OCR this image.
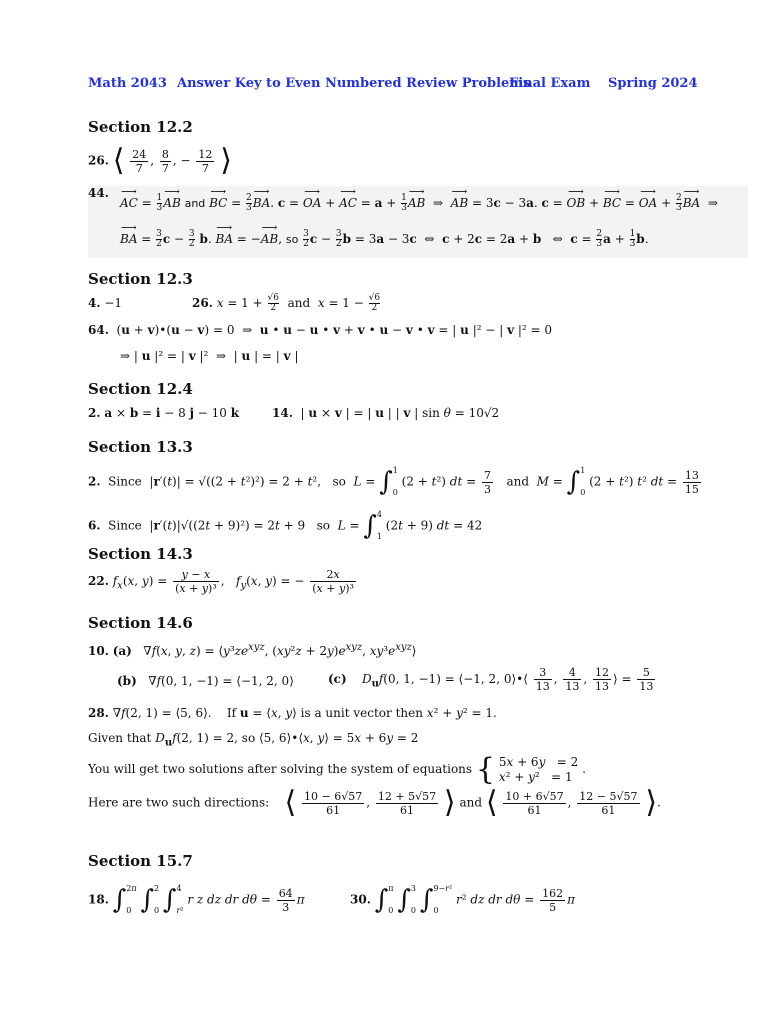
Math 2043 Answer Key to Even Numbered Review Problems
Final Exam Spring 2024
Section 12.2
26. ⟨ $\frac{24}{7}$ , $\frac{8}{7}$ , − $\frac{12}{7}$ ⟩
44.
⟶ AC = $\frac{1}{3}$ ⟶ AB and ⟶ BC = $\frac{2}{3}$ ⟶ BA. c = ⟶ OA + ⟶ AC = $a + \frac{1}{3}$ ⟶ AB  ⇒  ⟶ AB = 3c − 3a. c = ⟶ OB + ⟶ BC = ⟶ OA + $\frac{2}{3}$ ⟶ BA  ⇒
⟶ BA = $\frac{3}{2}$ $c - \frac{3}{2} b$. ⟶ BA = −⟶ AB, so $\frac{3}{2}$ $c - \frac{3}{2}$ b = 3a − 3c  ⇔  c + 2c = 2a + b   ⇔  $c = \frac{2}{3}$ $a + \frac{1}{3} b$.
Section 12.3
4. −1	26. $x = 1 + \frac{√6}{2}$ and $x = 1 - \frac{√6}{2}$
64.  (u + v)•(u − v) = 0  ⇒  u • u − u • v + v • u − v • v = | u |² − | v |² = 0
⇒ | u |² = | v |²  ⇒  | u | = | v |
Section 12.4
2. a × b = i − 8 j − 10 k	14.  | u × v | = | u | | v | sin θ = 10√2
Section 13.3
2. Since  |r′(t)| = √((2 + t²)²) = 2 + t²,   so L = ∫ 1
0
(2 + t²) dt = $\frac{7}{3}$ and M = ∫ 1
0
(2 + t²) t² dt = $\frac{13}{15}$
6. Since  |r′(t)|√((2t + 9)²) = 2t + 9   so L = ∫ 4
1
(2t + 9) dt = 42
Section 14.3
22. $f_x(x$, $y) = \frac{y - x}{\text{(x + y)³}}$ ,   $f_y(x$, y) = − $\frac{2x}{\text{(x + y)³}}$
Section 14.6
10. (a)   ∇f(x, y, $z) = ⟨y^3ze^{xyz}$, $(xy^2z + 2y)e^{xyz}$, $xy^3e^{xyz}⟩$
(b)   ∇f(0, 1, −1) = ⟨−1, 2, 0⟩	(c) $D_uf(0$, 1, −1) = ⟨−1, 2, 0⟩•⟨ $\frac{3}{13}$ , $\frac{4}{13}$ , $\frac{12}{13}$ ⟩ = $\frac{5}{13}$
28. ∇f(2, 1) = ⟨5, 6⟩.    If u = ⟨x, y⟩ is a unit vector then x² + y² = 1.
Given that $D_uf(2$, 1) = 2, so ⟨5, 6⟩•⟨x, y⟩ = 5x + 6y = 2
You will get two solutions after solving the system of equations { 5x + 6y   = 2
x² + y²   = 1
.
Here are two such directions: ⟨ $\frac{10 - 6√57}{61}$ , $\frac{12 + 5√57}{61}$ ⟩ and ⟨ $\frac{10 + 6√57}{61}$ , $\frac{12 - 5√57}{61}$ ⟩.
Section 15.7
18. ∫ 2π
0 ∫ 2
0 ∫ 4
r²
r z dz dr $d\theta = \frac{64}{3}$ π	30. ∫ π
0 ∫ 3
0 ∫ 9−r²
0
r² dz dr $d\theta = \frac{162}{5}$ π
